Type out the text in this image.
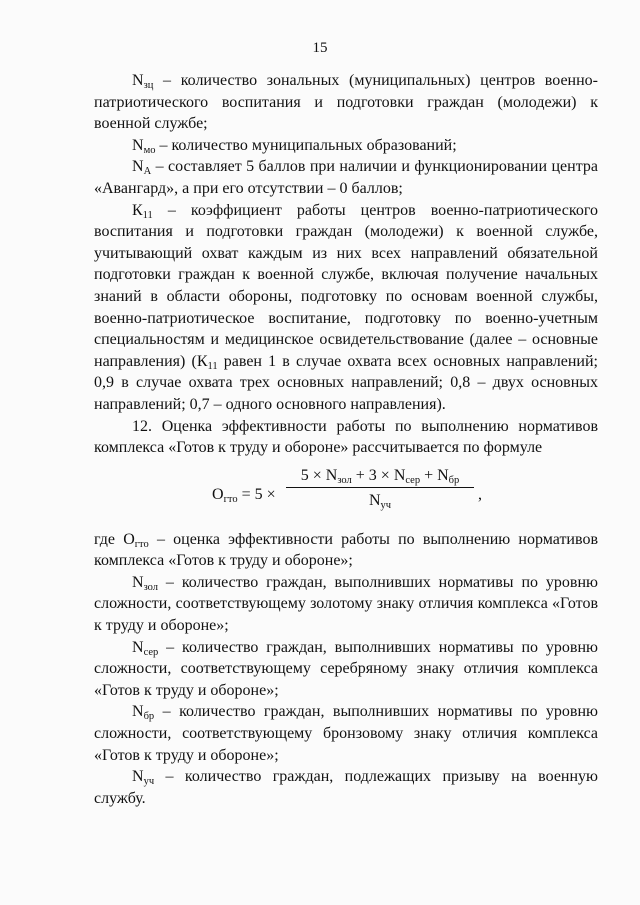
15

$N_{зц}$ – количество зональных (муниципальных) центров военно-патриотического воспитания и подготовки граждан (молодежи) к военной службе;

$N_{мо}$ – количество муниципальных образований;

$N_А$ – составляет 5 баллов при наличии и функционировании центра «Авангард», а при его отсутствии – 0 баллов;

$К_{11}$ – коэффициент работы центров военно-патриотического воспитания и подготовки граждан (молодежи) к военной службе, учитывающий охват каждым из них всех направлений обязательной подготовки граждан к военной службе, включая получение начальных знаний в области обороны, подготовку по основам военной службы, военно-патриотическое воспитание, подготовку по военно-учетным специальностям и медицинское освидетельствование (далее – основные направления) ($К_{11}$ равен 1 в случае охвата всех основных направлений; 0,9 в случае охвата трех основных направлений; 0,8 – двух основных направлений; 0,7 – одного основного направления).

12. Оценка эффективности работы по выполнению нормативов комплекса «Готов к труду и обороне» рассчитывается по формуле

$О_{гто} = 5$ ×
$5 \times N_{зол} + 3 \times N_{сер} + N_{бр}$
$N_{уч}$
,

где $О_{гто}$ – оценка эффективности работы по выполнению нормативов комплекса «Готов к труду и обороне»;

$N_{зол}$ – количество граждан, выполнивших нормативы по уровню сложности, соответствующему золотому знаку отличия комплекса «Готов к труду и обороне»;

$N_{сер}$ – количество граждан, выполнивших нормативы по уровню сложности, соответствующему серебряному знаку отличия комплекса «Готов к труду и обороне»;

$N_{бр}$ – количество граждан, выполнивших нормативы по уровню сложности, соответствующему бронзовому знаку отличия комплекса «Готов к труду и обороне»;

$N_{уч}$ – количество граждан, подлежащих призыву на военную службу.
